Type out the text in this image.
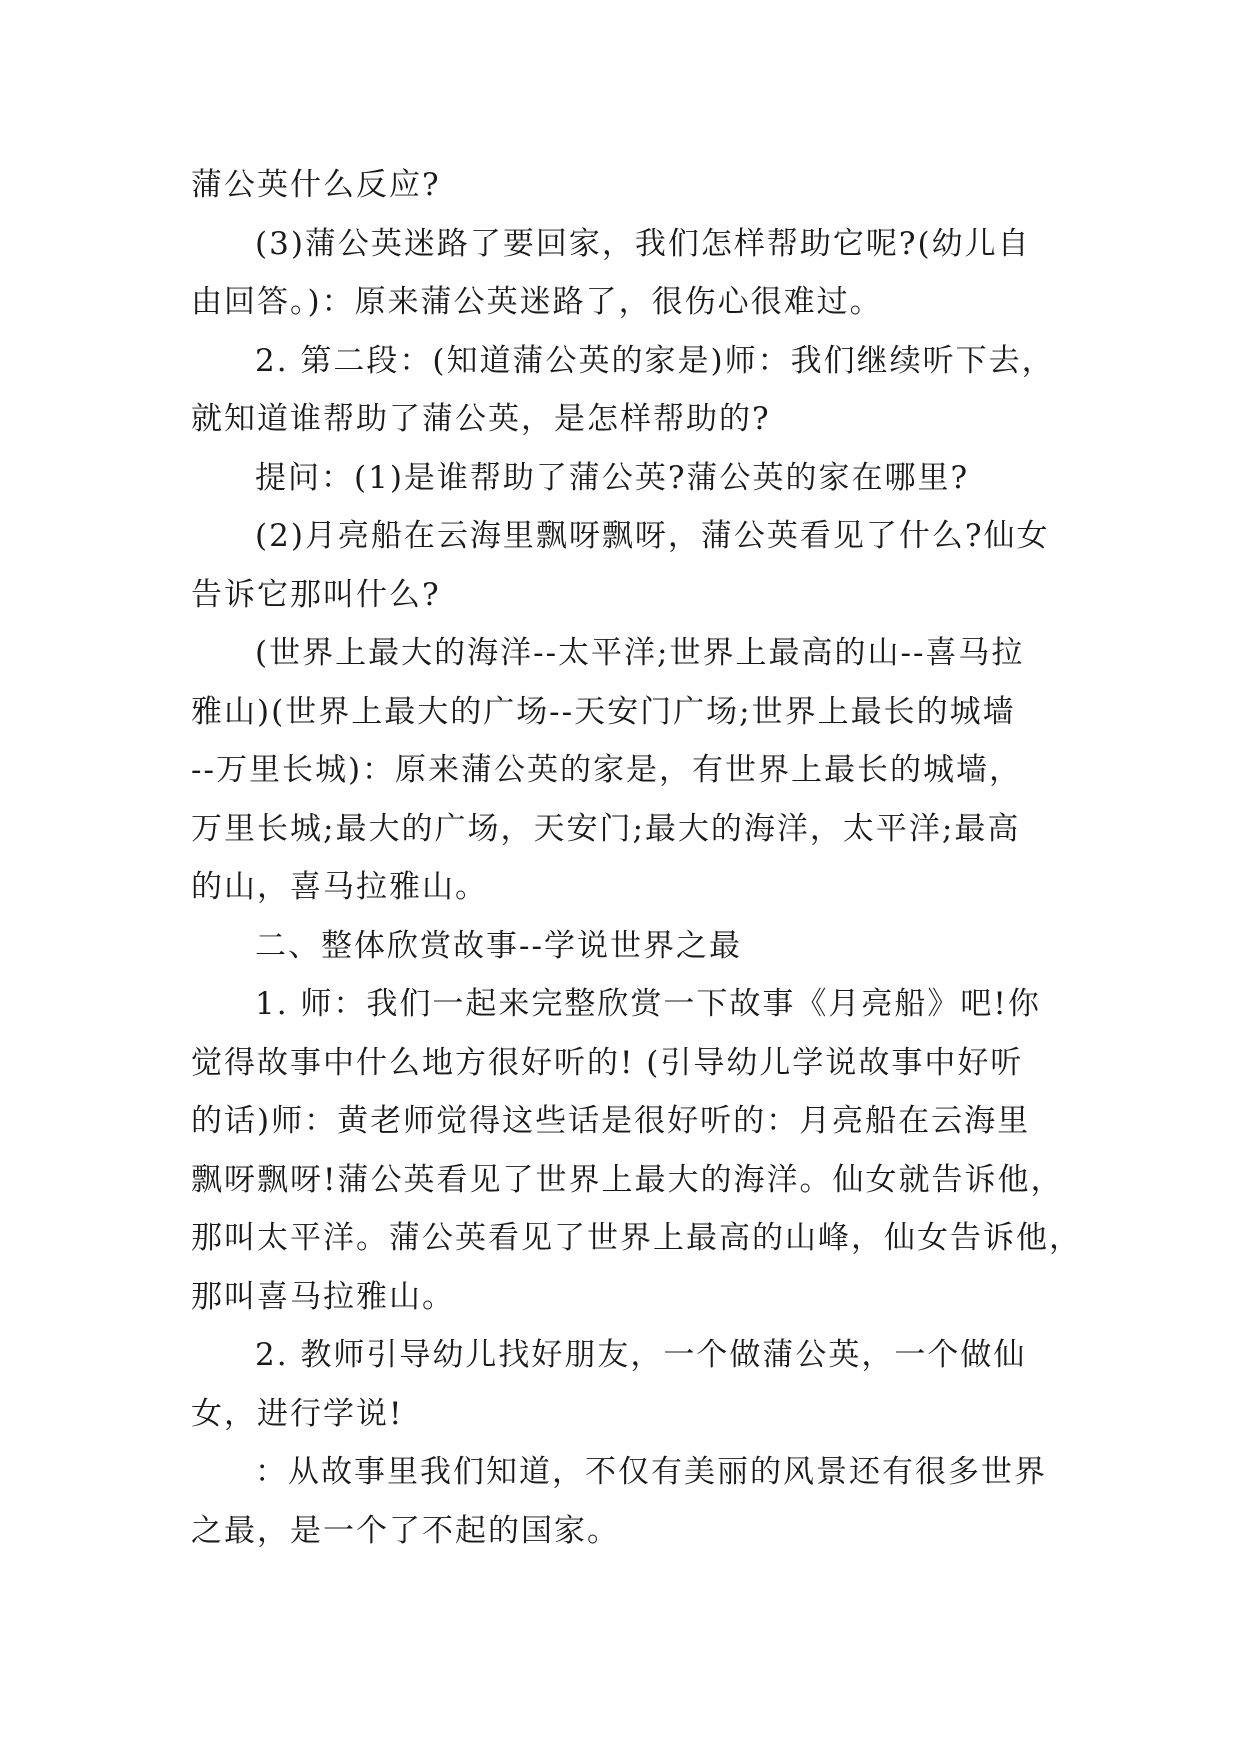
蒲公英什么反应?
(3)蒲公英迷路了要回家，我们怎样帮助它呢?(幼儿自
由回答。)：原来蒲公英迷路了，很伤心很难过。
2. 第二段：(知道蒲公英的家是)师：我们继续听下去，
就知道谁帮助了蒲公英，是怎样帮助的?
提问：(1)是谁帮助了蒲公英?蒲公英的家在哪里?
(2)月亮船在云海里飘呀飘呀，蒲公英看见了什么?仙女
告诉它那叫什么?
(世界上最大的海洋--太平洋;世界上最高的山--喜马拉
雅山)(世界上最大的广场--天安门广场;世界上最长的城墙
--万里长城)：原来蒲公英的家是，有世界上最长的城墙，
万里长城;最大的广场，天安门;最大的海洋，太平洋;最高
的山，喜马拉雅山。
二、整体欣赏故事--学说世界之最
1. 师：我们一起来完整欣赏一下故事《月亮船》吧!你
觉得故事中什么地方很好听的! (引导幼儿学说故事中好听
的话)师：黄老师觉得这些话是很好听的：月亮船在云海里
飘呀飘呀!蒲公英看见了世界上最大的海洋。仙女就告诉他，
那叫太平洋。蒲公英看见了世界上最高的山峰，仙女告诉他，
那叫喜马拉雅山。
2. 教师引导幼儿找好朋友，一个做蒲公英，一个做仙
女，进行学说!
：从故事里我们知道，不仅有美丽的风景还有很多世界
之最，是一个了不起的国家。
